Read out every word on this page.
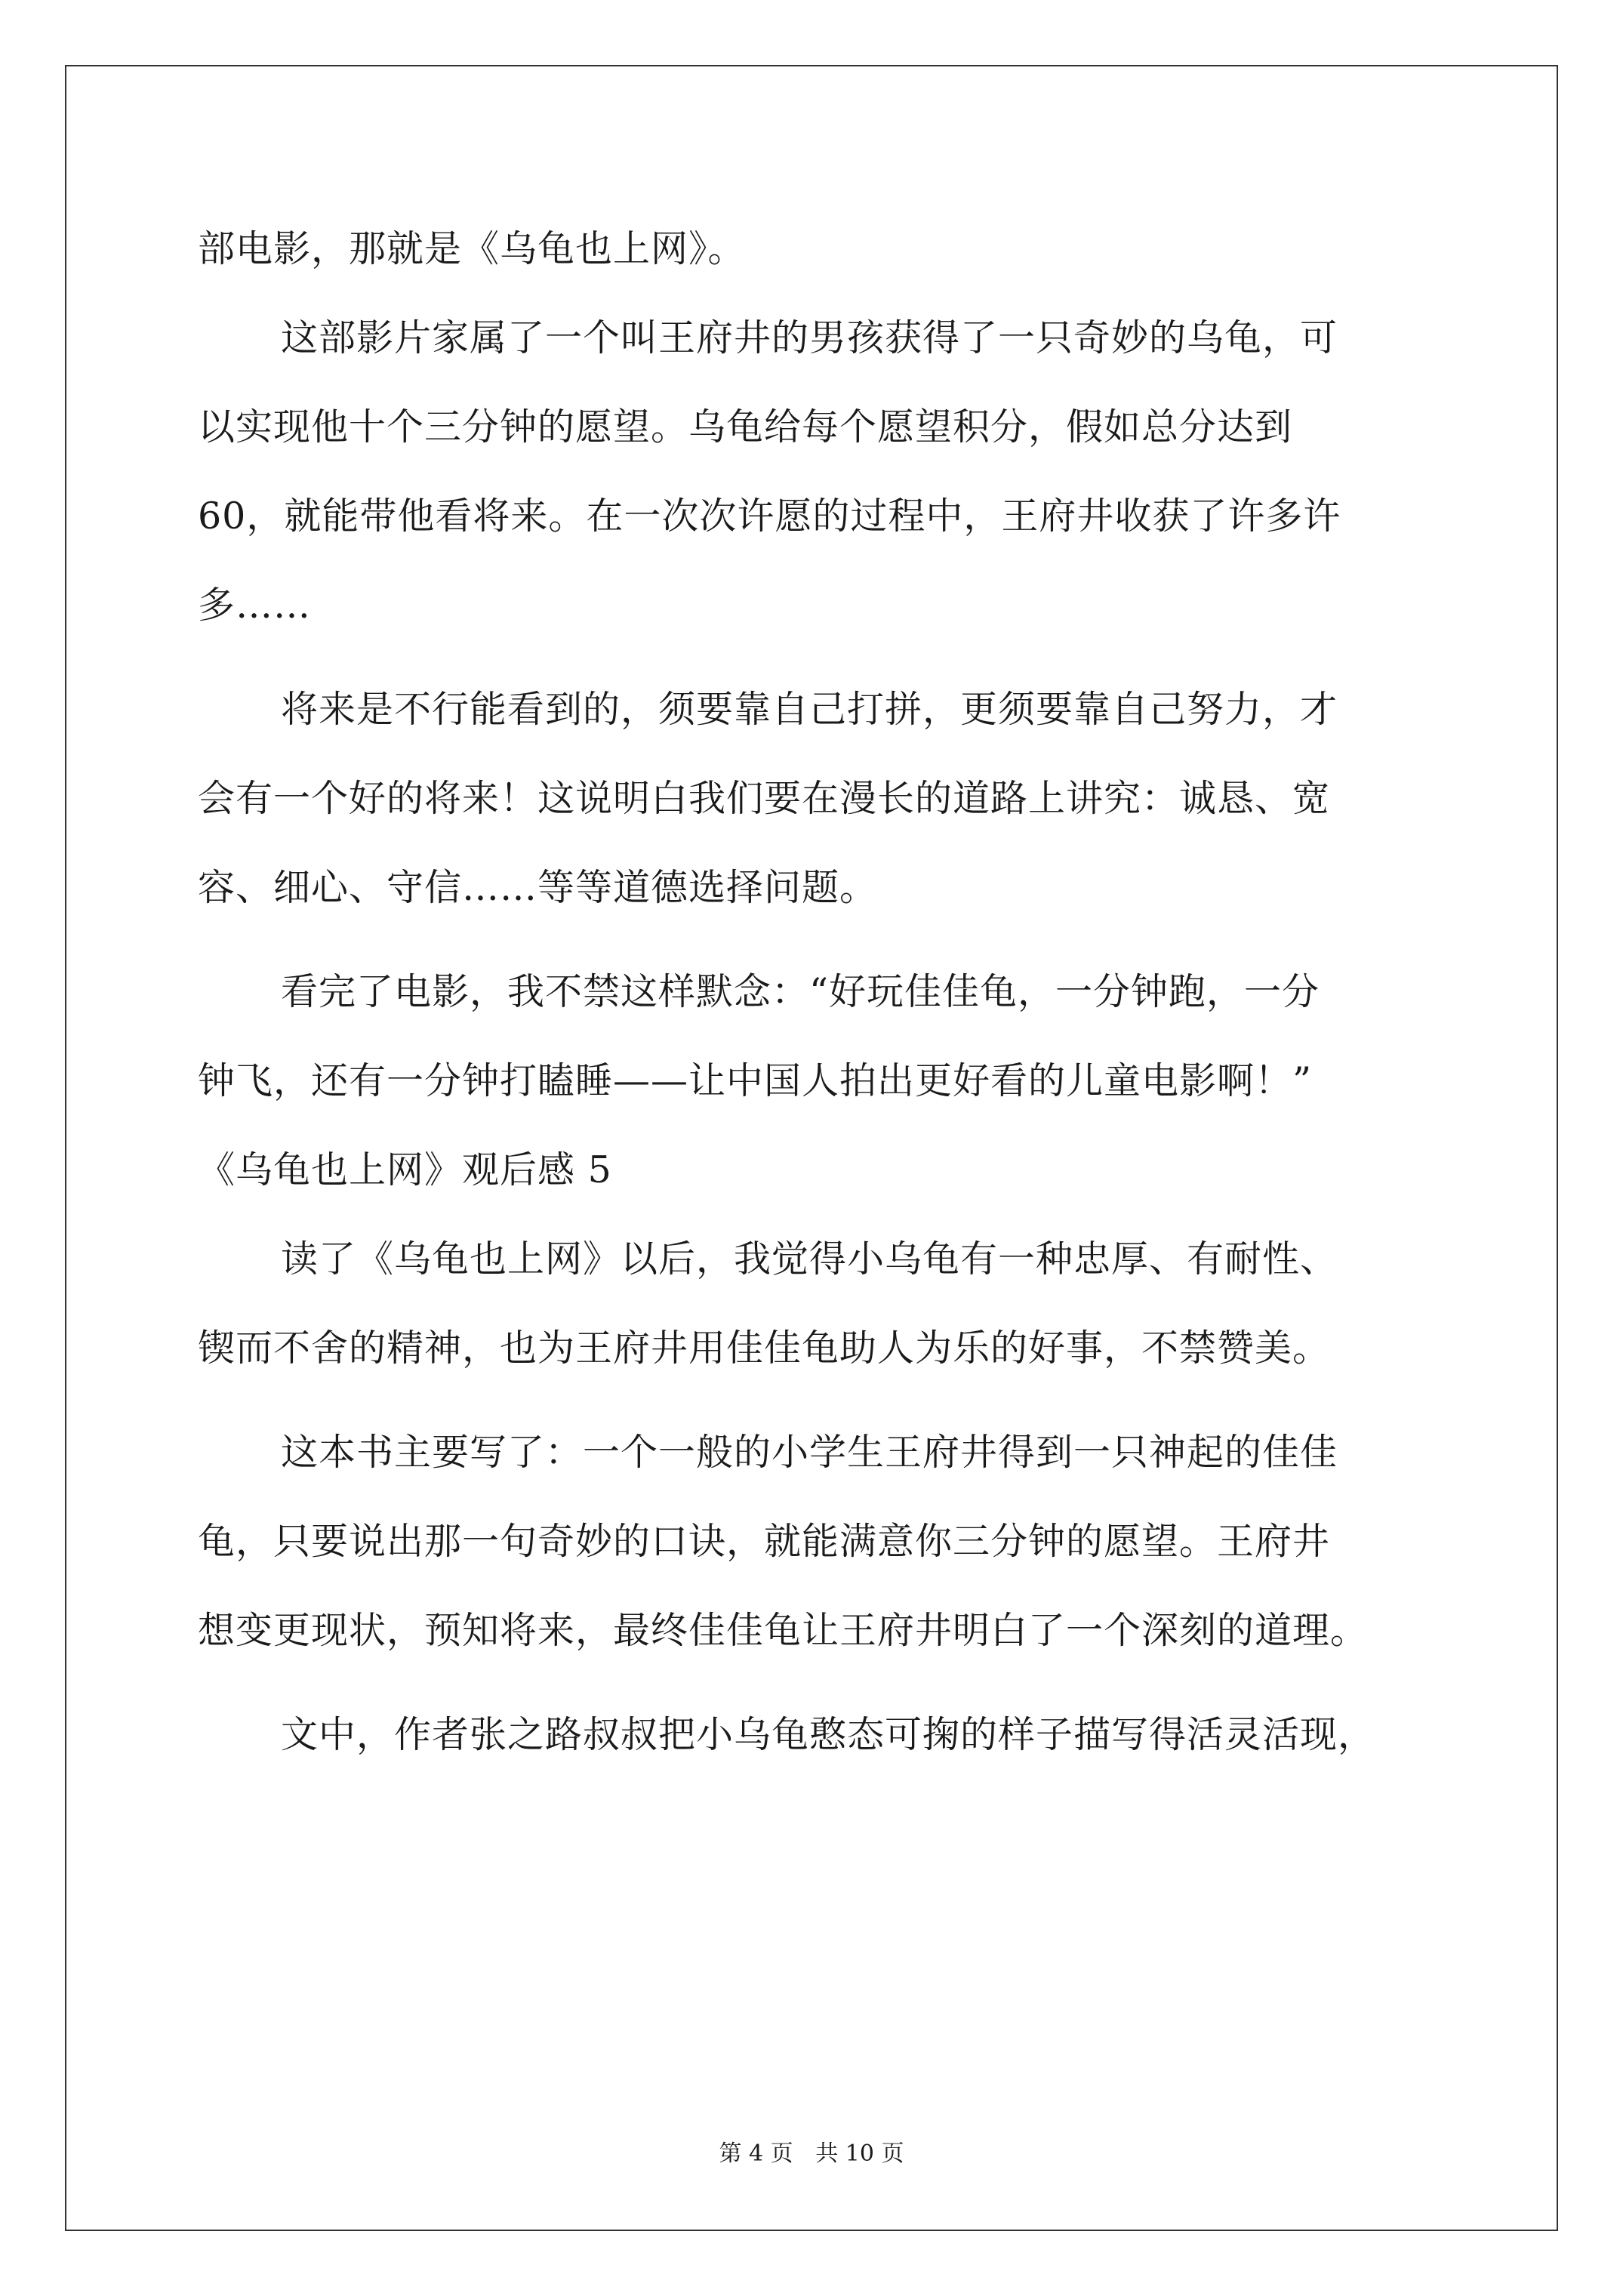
部电影，那就是《乌龟也上网》。
这部影片家属了一个叫王府井的男孩获得了一只奇妙的乌龟，可
以实现他十个三分钟的愿望。乌龟给每个愿望积分，假如总分达到
60，就能带他看将来。在一次次许愿的过程中，王府井收获了许多许
多……
将来是不行能看到的，须要靠自己打拼，更须要靠自己努力，才
会有一个好的将来！这说明白我们要在漫长的道路上讲究：诚恳、宽
容、细心、守信……等等道德选择问题。
看完了电影，我不禁这样默念：“好玩佳佳龟，一分钟跑，一分
钟飞，还有一分钟打瞌睡——让中国人拍出更好看的儿童电影啊！”
《乌龟也上网》观后感 5
读了《乌龟也上网》以后，我觉得小乌龟有一种忠厚、有耐性、
锲而不舍的精神，也为王府井用佳佳龟助人为乐的好事，不禁赞美。
这本书主要写了：一个一般的小学生王府井得到一只神起的佳佳
龟，只要说出那一句奇妙的口诀，就能满意你三分钟的愿望。王府井
想变更现状，预知将来，最终佳佳龟让王府井明白了一个深刻的道理。
文中，作者张之路叔叔把小乌龟憨态可掬的样子描写得活灵活现，
第 4 页 共 10 页
